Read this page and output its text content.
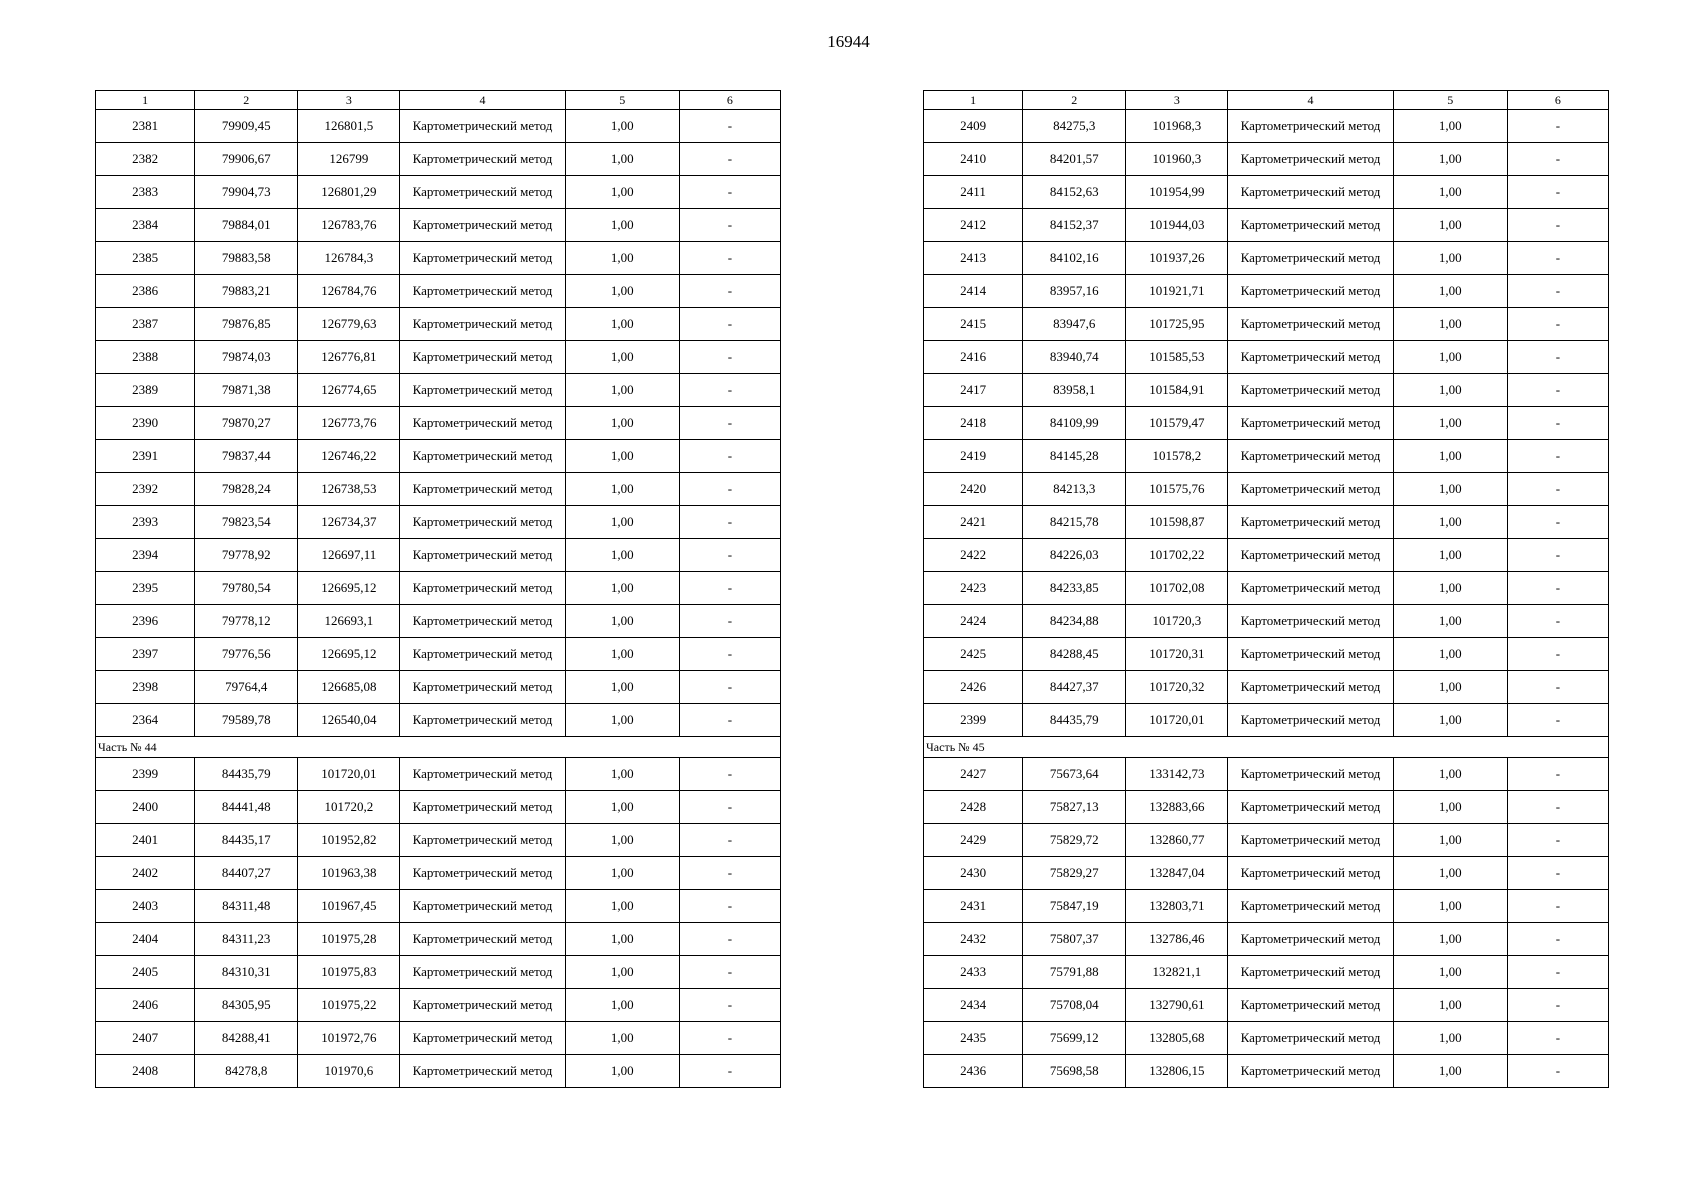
16944
1	2	3	4	5	6
2381	79909,45	126801,5	Картометрический метод	1,00	-
2382	79906,67	126799	Картометрический метод	1,00	-
2383	79904,73	126801,29	Картометрический метод	1,00	-
2384	79884,01	126783,76	Картометрический метод	1,00	-
2385	79883,58	126784,3	Картометрический метод	1,00	-
2386	79883,21	126784,76	Картометрический метод	1,00	-
2387	79876,85	126779,63	Картометрический метод	1,00	-
2388	79874,03	126776,81	Картометрический метод	1,00	-
2389	79871,38	126774,65	Картометрический метод	1,00	-
2390	79870,27	126773,76	Картометрический метод	1,00	-
2391	79837,44	126746,22	Картометрический метод	1,00	-
2392	79828,24	126738,53	Картометрический метод	1,00	-
2393	79823,54	126734,37	Картометрический метод	1,00	-
2394	79778,92	126697,11	Картометрический метод	1,00	-
2395	79780,54	126695,12	Картометрический метод	1,00	-
2396	79778,12	126693,1	Картометрический метод	1,00	-
2397	79776,56	126695,12	Картометрический метод	1,00	-
2398	79764,4	126685,08	Картометрический метод	1,00	-
2364	79589,78	126540,04	Картометрический метод	1,00	-
Часть № 44					
2399	84435,79	101720,01	Картометрический метод	1,00	-
2400	84441,48	101720,2	Картометрический метод	1,00	-
2401	84435,17	101952,82	Картометрический метод	1,00	-
2402	84407,27	101963,38	Картометрический метод	1,00	-
2403	84311,48	101967,45	Картометрический метод	1,00	-
2404	84311,23	101975,28	Картометрический метод	1,00	-
2405	84310,31	101975,83	Картометрический метод	1,00	-
2406	84305,95	101975,22	Картометрический метод	1,00	-
2407	84288,41	101972,76	Картометрический метод	1,00	-
2408	84278,8	101970,6	Картометрический метод	1,00	-
1	2	3	4	5	6
2409	84275,3	101968,3	Картометрический метод	1,00	-
2410	84201,57	101960,3	Картометрический метод	1,00	-
2411	84152,63	101954,99	Картометрический метод	1,00	-
2412	84152,37	101944,03	Картометрический метод	1,00	-
2413	84102,16	101937,26	Картометрический метод	1,00	-
2414	83957,16	101921,71	Картометрический метод	1,00	-
2415	83947,6	101725,95	Картометрический метод	1,00	-
2416	83940,74	101585,53	Картометрический метод	1,00	-
2417	83958,1	101584,91	Картометрический метод	1,00	-
2418	84109,99	101579,47	Картометрический метод	1,00	-
2419	84145,28	101578,2	Картометрический метод	1,00	-
2420	84213,3	101575,76	Картометрический метод	1,00	-
2421	84215,78	101598,87	Картометрический метод	1,00	-
2422	84226,03	101702,22	Картометрический метод	1,00	-
2423	84233,85	101702,08	Картометрический метод	1,00	-
2424	84234,88	101720,3	Картометрический метод	1,00	-
2425	84288,45	101720,31	Картометрический метод	1,00	-
2426	84427,37	101720,32	Картометрический метод	1,00	-
2399	84435,79	101720,01	Картометрический метод	1,00	-
Часть № 45					
2427	75673,64	133142,73	Картометрический метод	1,00	-
2428	75827,13	132883,66	Картометрический метод	1,00	-
2429	75829,72	132860,77	Картометрический метод	1,00	-
2430	75829,27	132847,04	Картометрический метод	1,00	-
2431	75847,19	132803,71	Картометрический метод	1,00	-
2432	75807,37	132786,46	Картометрический метод	1,00	-
2433	75791,88	132821,1	Картометрический метод	1,00	-
2434	75708,04	132790,61	Картометрический метод	1,00	-
2435	75699,12	132805,68	Картометрический метод	1,00	-
2436	75698,58	132806,15	Картометрический метод	1,00	-
